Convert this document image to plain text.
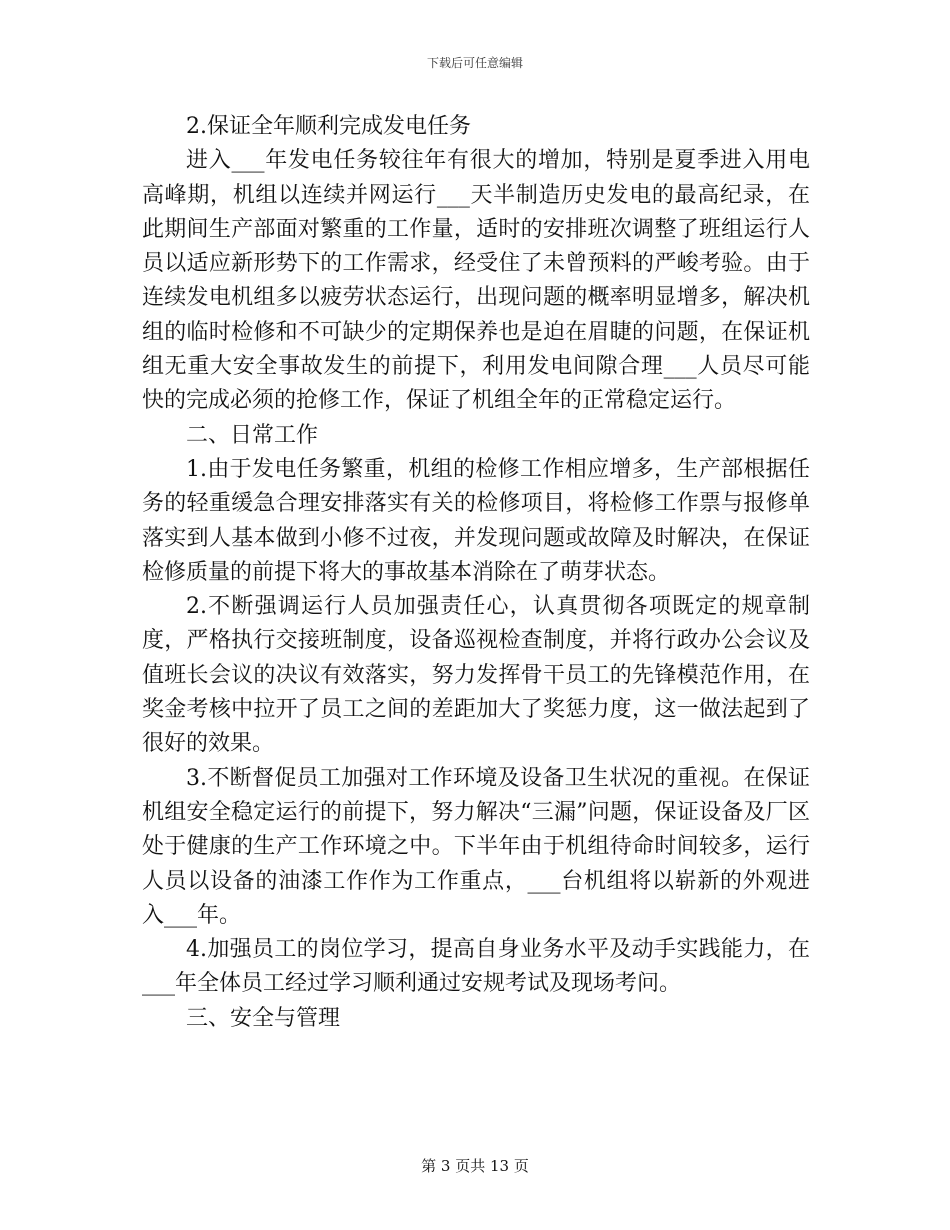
下载后可任意编辑

2.保证全年顺利完成发电任务

进入___年发电任务较往年有很大的增加，特别是夏季进入用电高峰期，机组以连续并网运行___天半制造历史发电的最高纪录，在此期间生产部面对繁重的工作量，适时的安排班次调整了班组运行人员以适应新形势下的工作需求，经受住了未曾预料的严峻考验。由于连续发电机组多以疲劳状态运行，出现问题的概率明显增多，解决机组的临时检修和不可缺少的定期保养也是迫在眉睫的问题，在保证机组无重大安全事故发生的前提下，利用发电间隙合理___人员尽可能快的完成必须的抢修工作，保证了机组全年的正常稳定运行。

二、日常工作

1.由于发电任务繁重，机组的检修工作相应增多，生产部根据任务的轻重缓急合理安排落实有关的检修项目，将检修工作票与报修单落实到人基本做到小修不过夜，并发现问题或故障及时解决，在保证检修质量的前提下将大的事故基本消除在了萌芽状态。

2.不断强调运行人员加强责任心，认真贯彻各项既定的规章制度，严格执行交接班制度，设备巡视检查制度，并将行政办公会议及值班长会议的决议有效落实，努力发挥骨干员工的先锋模范作用，在奖金考核中拉开了员工之间的差距加大了奖惩力度，这一做法起到了很好的效果。

3.不断督促员工加强对工作环境及设备卫生状况的重视。在保证机组安全稳定运行的前提下，努力解决“三漏”问题，保证设备及厂区处于健康的生产工作环境之中。下半年由于机组待命时间较多，运行人员以设备的油漆工作作为工作重点，___台机组将以崭新的外观进入___年。

4.加强员工的岗位学习，提高自身业务水平及动手实践能力，在___年全体员工经过学习顺利通过安规考试及现场考问。

三、安全与管理

第 3 页共 13 页
